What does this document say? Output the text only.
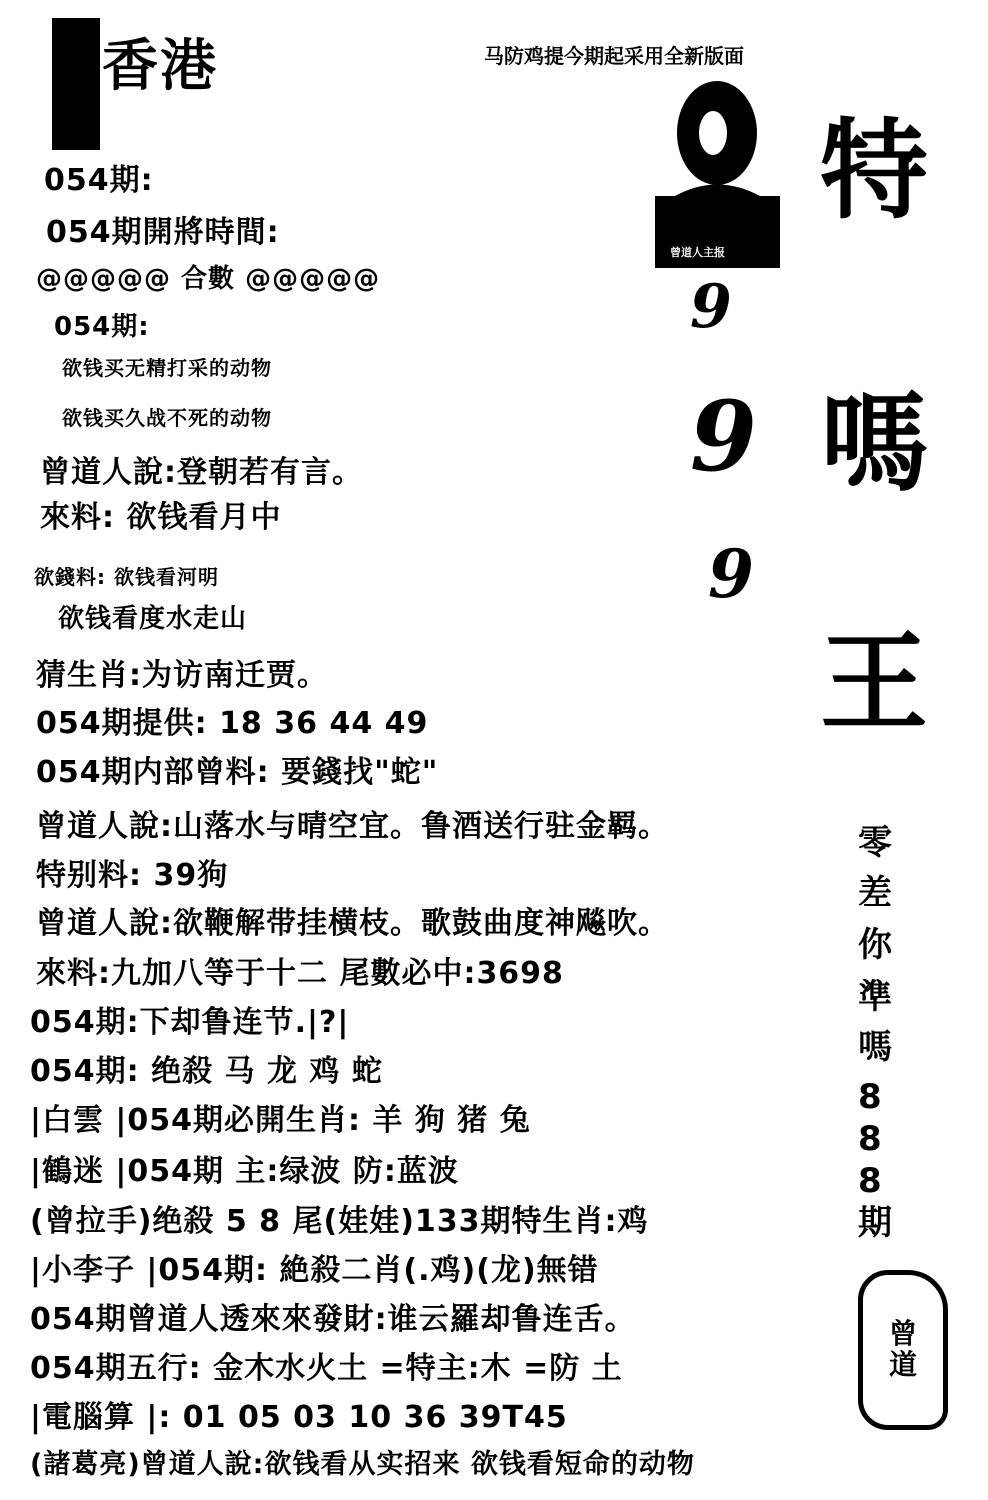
香港	马防鸡提今期起采用全新版面
曾道人主报
9
9
9
特
嗎
王
零
差
你
準
嗎
8
8
8
期
曾
道
054期:
054期開將時間:
@@@@@ 合數 @@@@@
054期:
欲钱买无精打采的动物
欲钱买久战不死的动物
曾道人說:登朝若有言。
來料: 欲钱看月中
欲錢料: 欲钱看河明
欲钱看度水走山
猜生肖:为访南迁贾。
054期提供: 18 36 44 49
054期内部曾料: 要錢找"蛇"
曾道人說:山落水与晴空宜。鲁酒送行驻金羁。
特别料: 39狗
曾道人說:欲鞭解带挂横枝。歌鼓曲度神飚吹。
來料:九加八等于十二 尾數必中:3698
054期:下却鲁连节.|?|
054期: 绝殺 马 龙 鸡 蛇
|白雲 |054期必開生肖: 羊 狗 猪 兔
|鶴迷 |054期 主:绿波 防:蓝波
(曾拉手)绝殺 5 8 尾(娃娃)133期特生肖:鸡
|小李子 |054期: 絶殺二肖(.鸡)(龙)無错
054期曾道人透來來發財:谁云羅却鲁连舌。
054期五行: 金木水火土 =特主:木 =防 土
|電腦算 |: 01 05 03 10 36 39T45
(諸葛亮)曾道人說:欲钱看从实招来 欲钱看短命的动物
